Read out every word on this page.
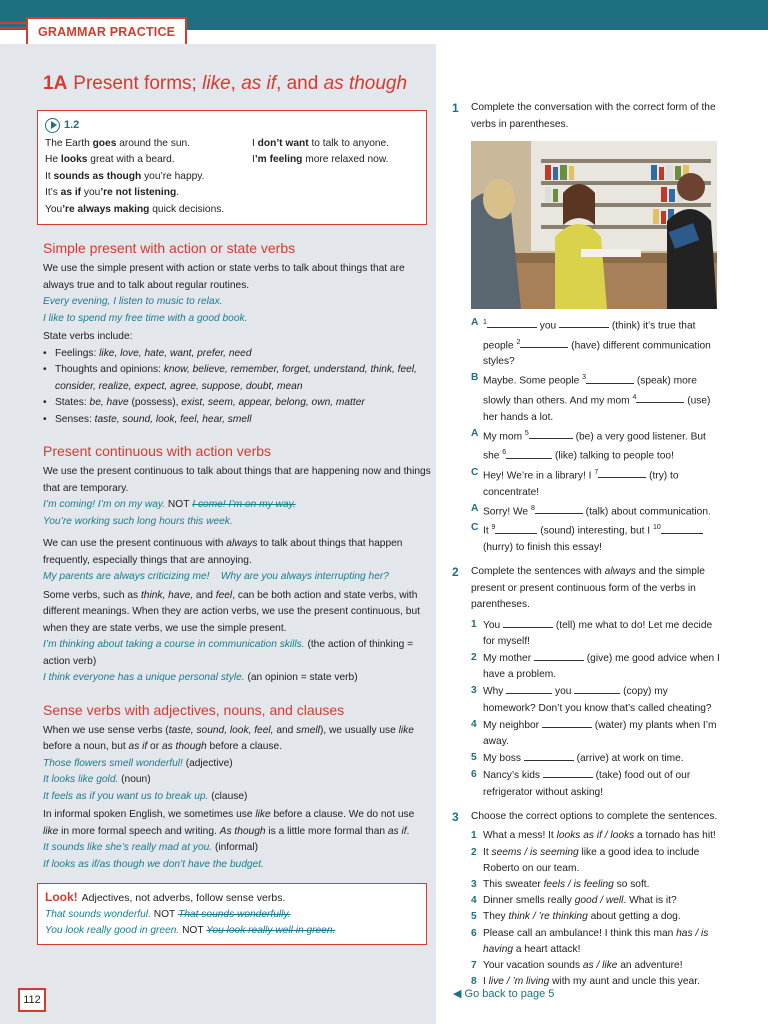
GRAMMAR PRACTICE
1A Present forms; like, as if, and as though
1.2
The Earth goes around the sun.
He looks great with a beard.
It sounds as though you’re happy.
It’s as if you’re not listening.
You’re always making quick decisions.
I don’t want to talk to anyone.
I’m feeling more relaxed now.
Simple present with action or state verbs

We use the simple present with action or state verbs to talk about things that are always true and to talk about regular routines.

Every evening, I listen to music to relax.
I like to spend my free time with a good book.

State verbs include:

• Feelings: like, love, hate, want, prefer, need
• Thoughts and opinions: know, believe, remember, forget, understand, think, feel, consider, realize, expect, agree, suppose, doubt, mean
• States: be, have (possess), exist, seem, appear, belong, own, matter
• Senses: taste, sound, look, feel, hear, smell
Present continuous with action verbs

We use the present continuous to talk about things that are happening now and things that are temporary.

I’m coming! I’m on my way. NOT I come! I’m on my way.
You’re working such long hours this week.

We can use the present continuous with always to talk about things that happen frequently, especially things that are annoying.

My parents are always criticizing me!    Why are you always interrupting her?

Some verbs, such as think, have, and feel, can be both action and state verbs, with different meanings. When they are action verbs, we use the present continuous, but when they are state verbs, we use the simple present.

I’m thinking about taking a course in communication skills. (the action of thinking = action verb)
I think everyone has a unique personal style. (an opinion = state verb)
Sense verbs with adjectives, nouns, and clauses

When we use sense verbs (taste, sound, look, feel, and smell), we usually use like before a noun, but as if or as though before a clause.

Those flowers smell wonderful! (adjective)
It looks like gold. (noun)
It feels as if you want us to break up. (clause)

In informal spoken English, we sometimes use like before a clause. We do not use like in more formal speech and writing. As though is a little more formal than as if.

It sounds like she’s really mad at you. (informal)
If looks as if/as though we don’t have the budget.
Look! Adjectives, not adverbs, follow sense verbs.
That sounds wonderful. NOT That sounds wonderfully.
You look really good in green. NOT You look really well in green.
112
1 Complete the conversation with the correct form of the verbs in parentheses.
A $^1$	you	(think) it’s true that people $^2$	(have) different communication styles?
B Maybe. Some people $^3$	(speak) more slowly than others. And my mom $^4$	(use) her hands a lot.
A My mom $^5$	(be) a very good listener. But she $^6$	(like) talking to people too!
C Hey! We’re in a library! I $^7$	(try) to concentrate!
A Sorry! We $^8$	(talk) about communication.
C It $^9$	(sound) interesting, but I $^{10}$ (hurry) to finish this essay!
2 Complete the sentences with always and the simple present or present continuous form of the verbs in parentheses.
1 You	(tell) me what to do! Let me decide for myself!
2 My mother	(give) me good advice when I have a problem.
3 Why	you	(copy) my homework? Don’t you know that’s called cheating?
4 My neighbor	(water) my plants when I’m away.
5 My boss	(arrive) at work on time.
6 Nancy’s kids	(take) food out of our refrigerator without asking!
3 Choose the correct options to complete the sentences.
1 What a mess! It looks as if / looks a tornado has hit!
2 It seems / is seeming like a good idea to include Roberto on our team.
3 This sweater feels / is feeling so soft.
4 Dinner smells really good / well. What is it?
5 They think / ’re thinking about getting a dog.
6 Please call an ambulance! I think this man has / is having a heart attack!
7 Your vacation sounds as / like an adventure!
8 I live / ’m living with my aunt and uncle this year.
◀ Go back to page 5
